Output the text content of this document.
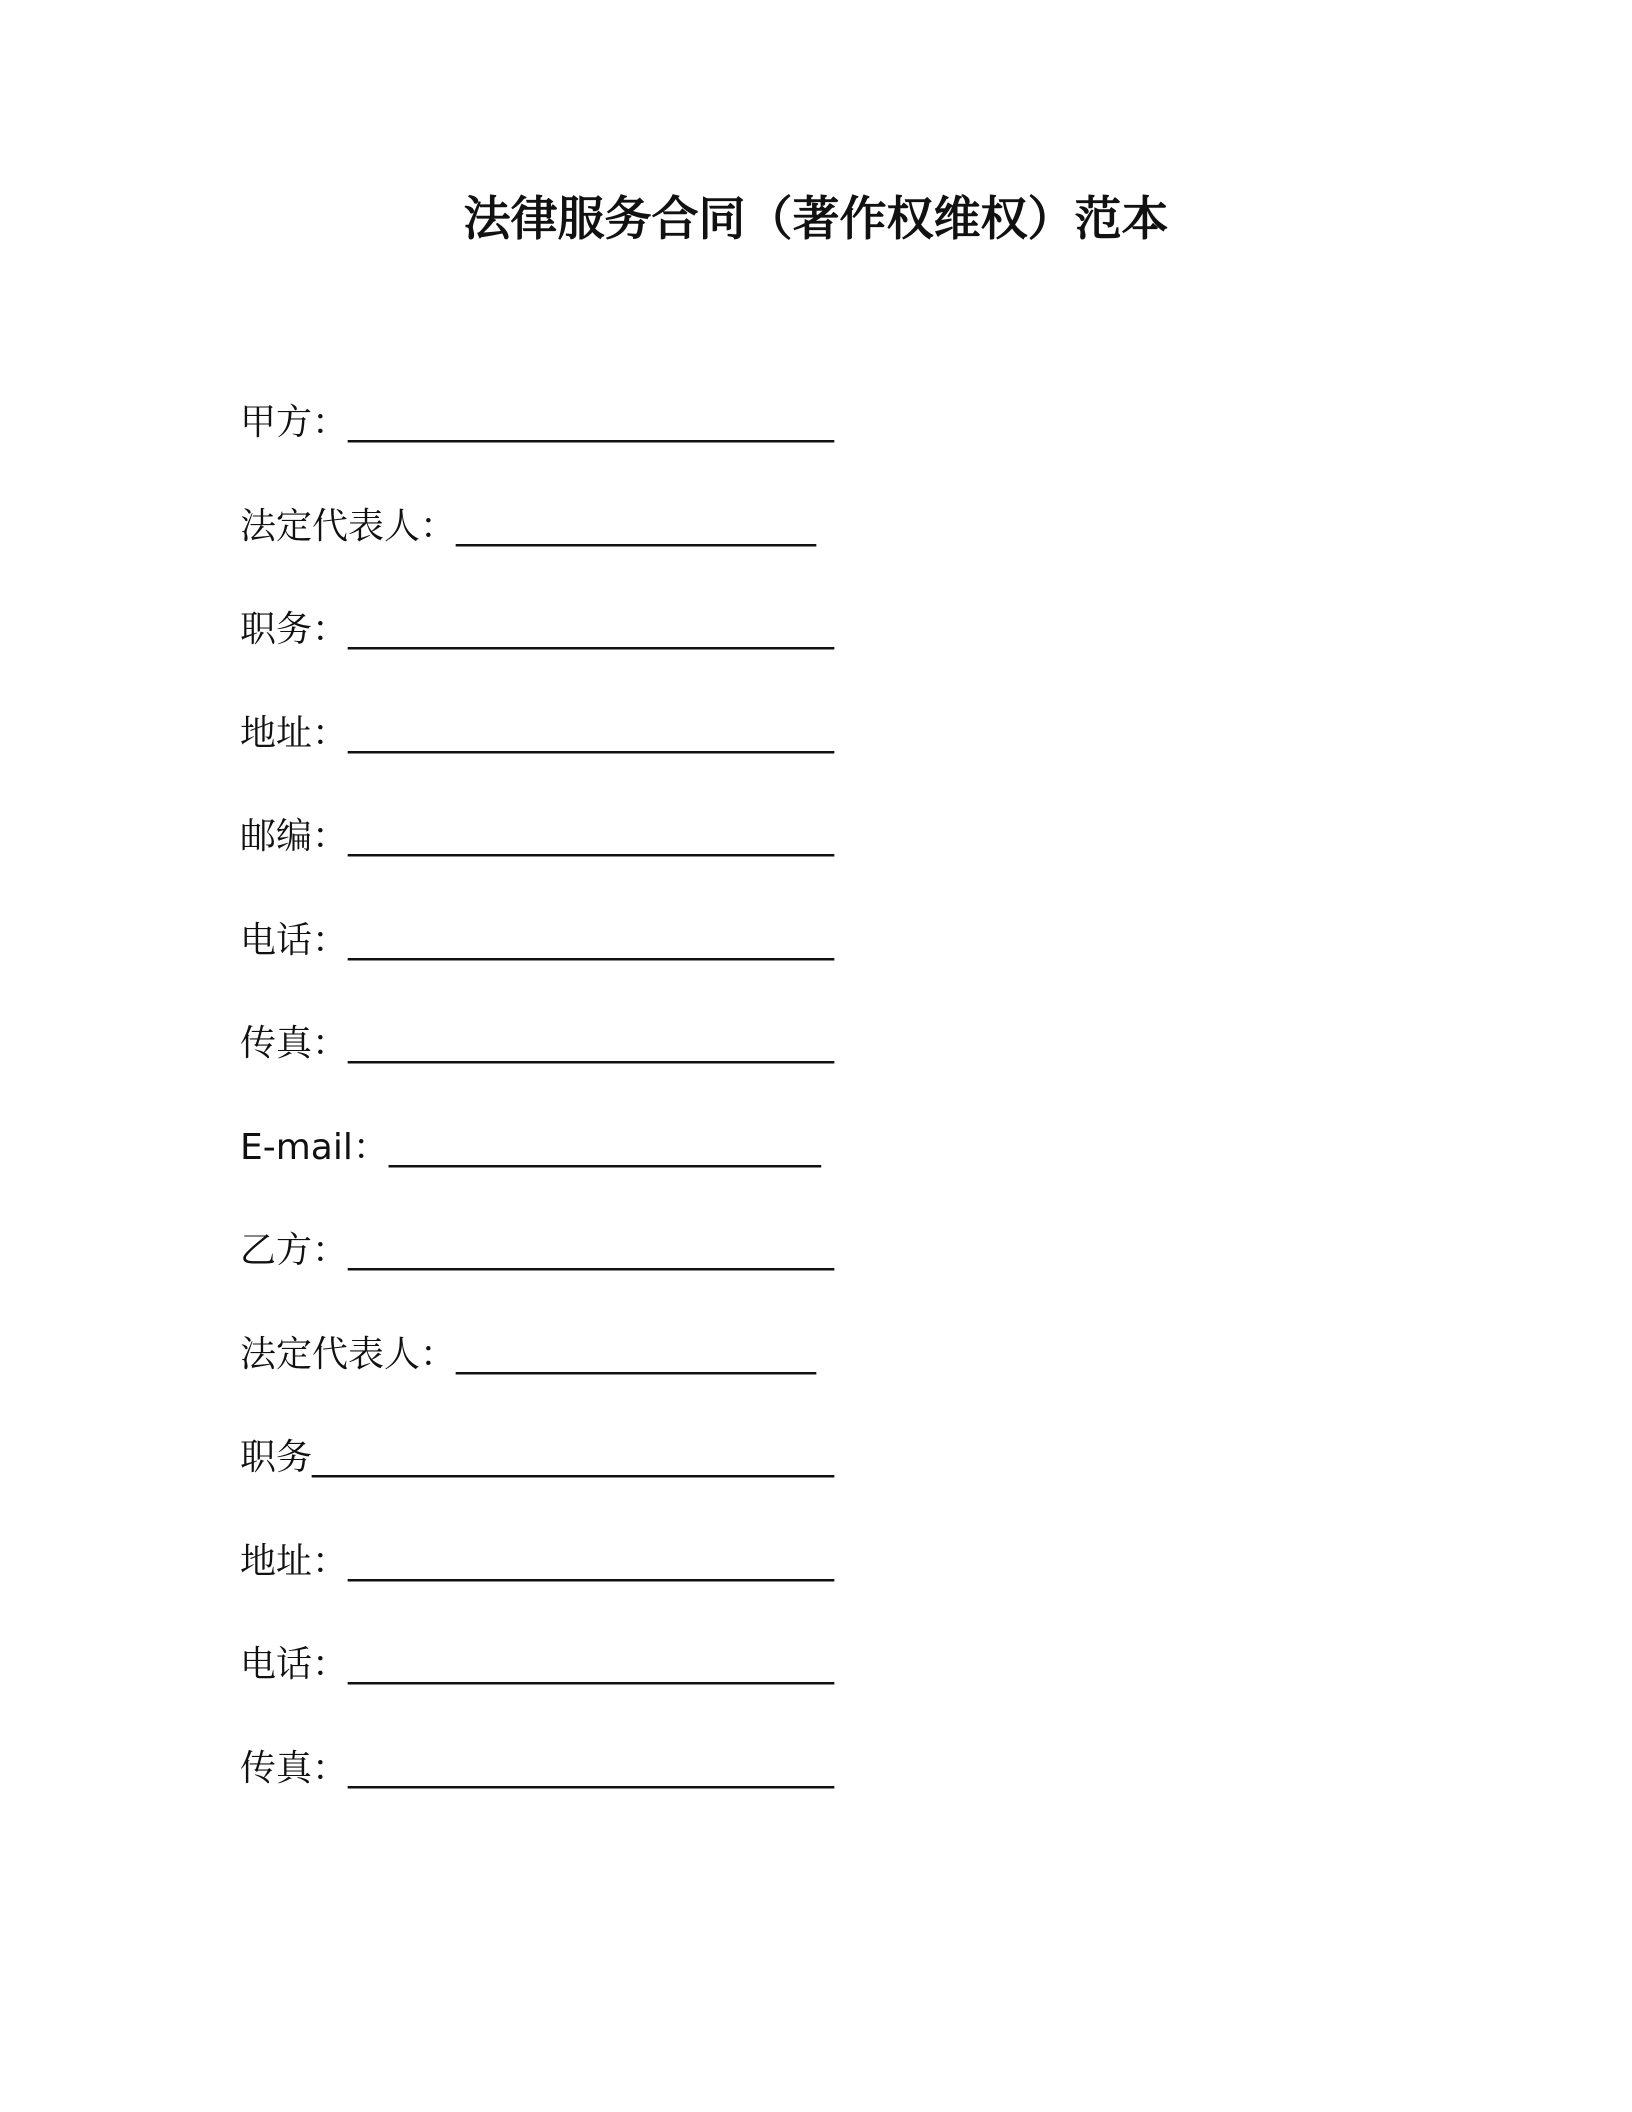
法律服务合同（著作权维权）范本
甲方： ___________________________
法定代表人： ____________________
职务： ___________________________
地址： ___________________________
邮编： ___________________________
电话： ___________________________
传真： ___________________________
E-mail： ________________________
乙方： ___________________________
法定代表人： ____________________
职务 _____________________________
地址： ___________________________
电话： ___________________________
传真： ___________________________
